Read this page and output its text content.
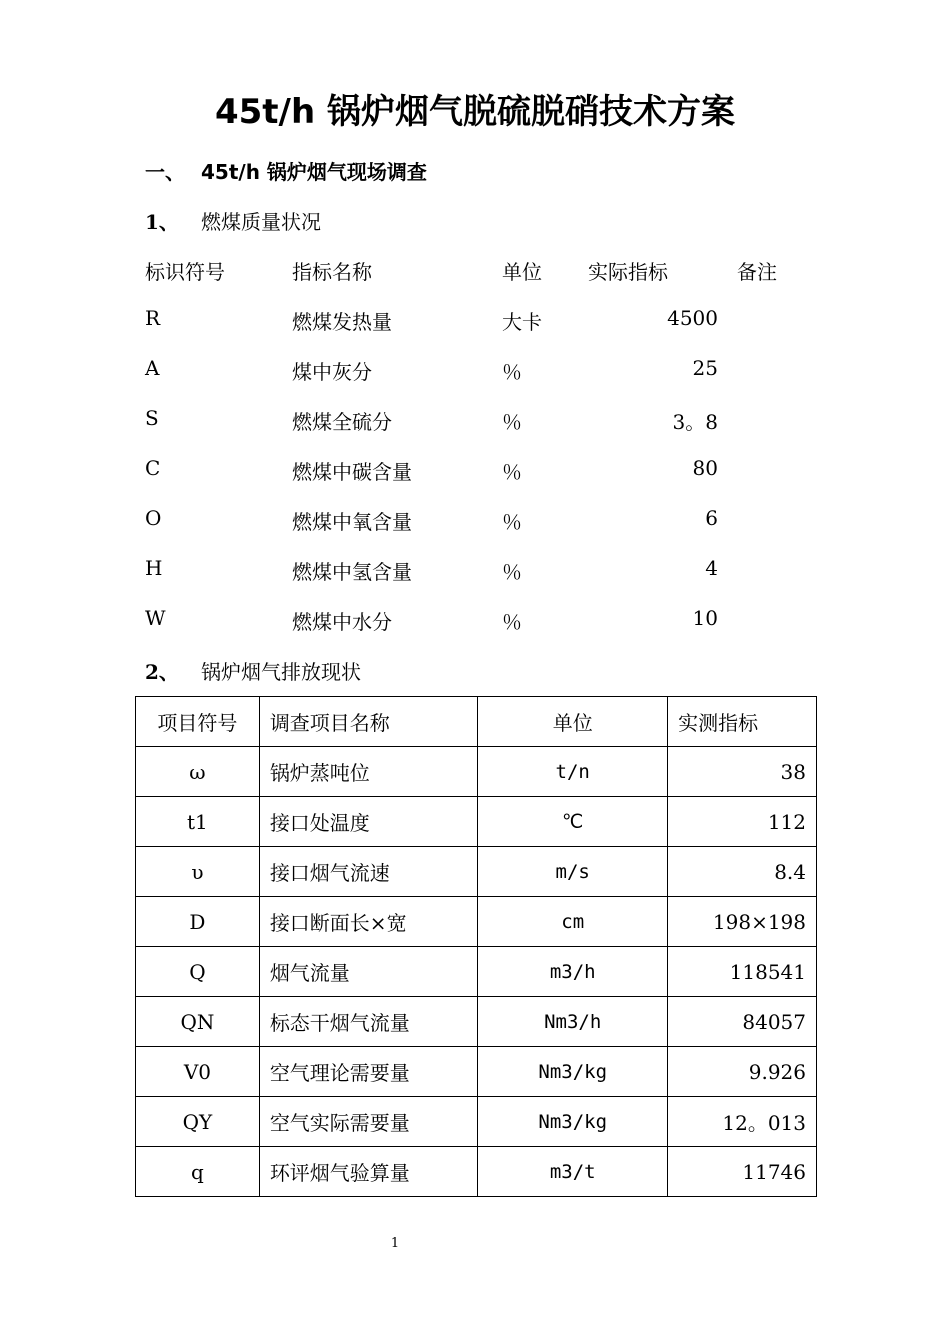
45t/h 锅炉烟气脱硫脱硝技术方案
一、 45t/h 锅炉烟气现场调查
1、 燃煤质量状况
标识符号	指标名称	单位 实际指标	备注
R	燃煤发热量	大卡	4500
A	煤中灰分	％	25
S	燃煤全硫分	％	3。8
C	燃煤中碳含量	％	80
O	燃煤中氧含量	％	6
H	燃煤中氢含量	％	4
W	燃煤中水分	％	10
2、 锅炉烟气排放现状
项目符号	调查项目名称	单位	实测指标
ω	锅炉蒸吨位	t/n	38
t1	接口处温度	℃	112
υ	接口烟气流速	m/s	8.4
D	接口断面长×宽	cm	198×198
Q	烟气流量	m3/h	118541
QN	标态干烟气流量	Nm3/h	84057
V0	空气理论需要量	Nm3/kg	9.926
QY	空气实际需要量	Nm3/kg	12。013
q	环评烟气验算量	m3/t	11746
1
